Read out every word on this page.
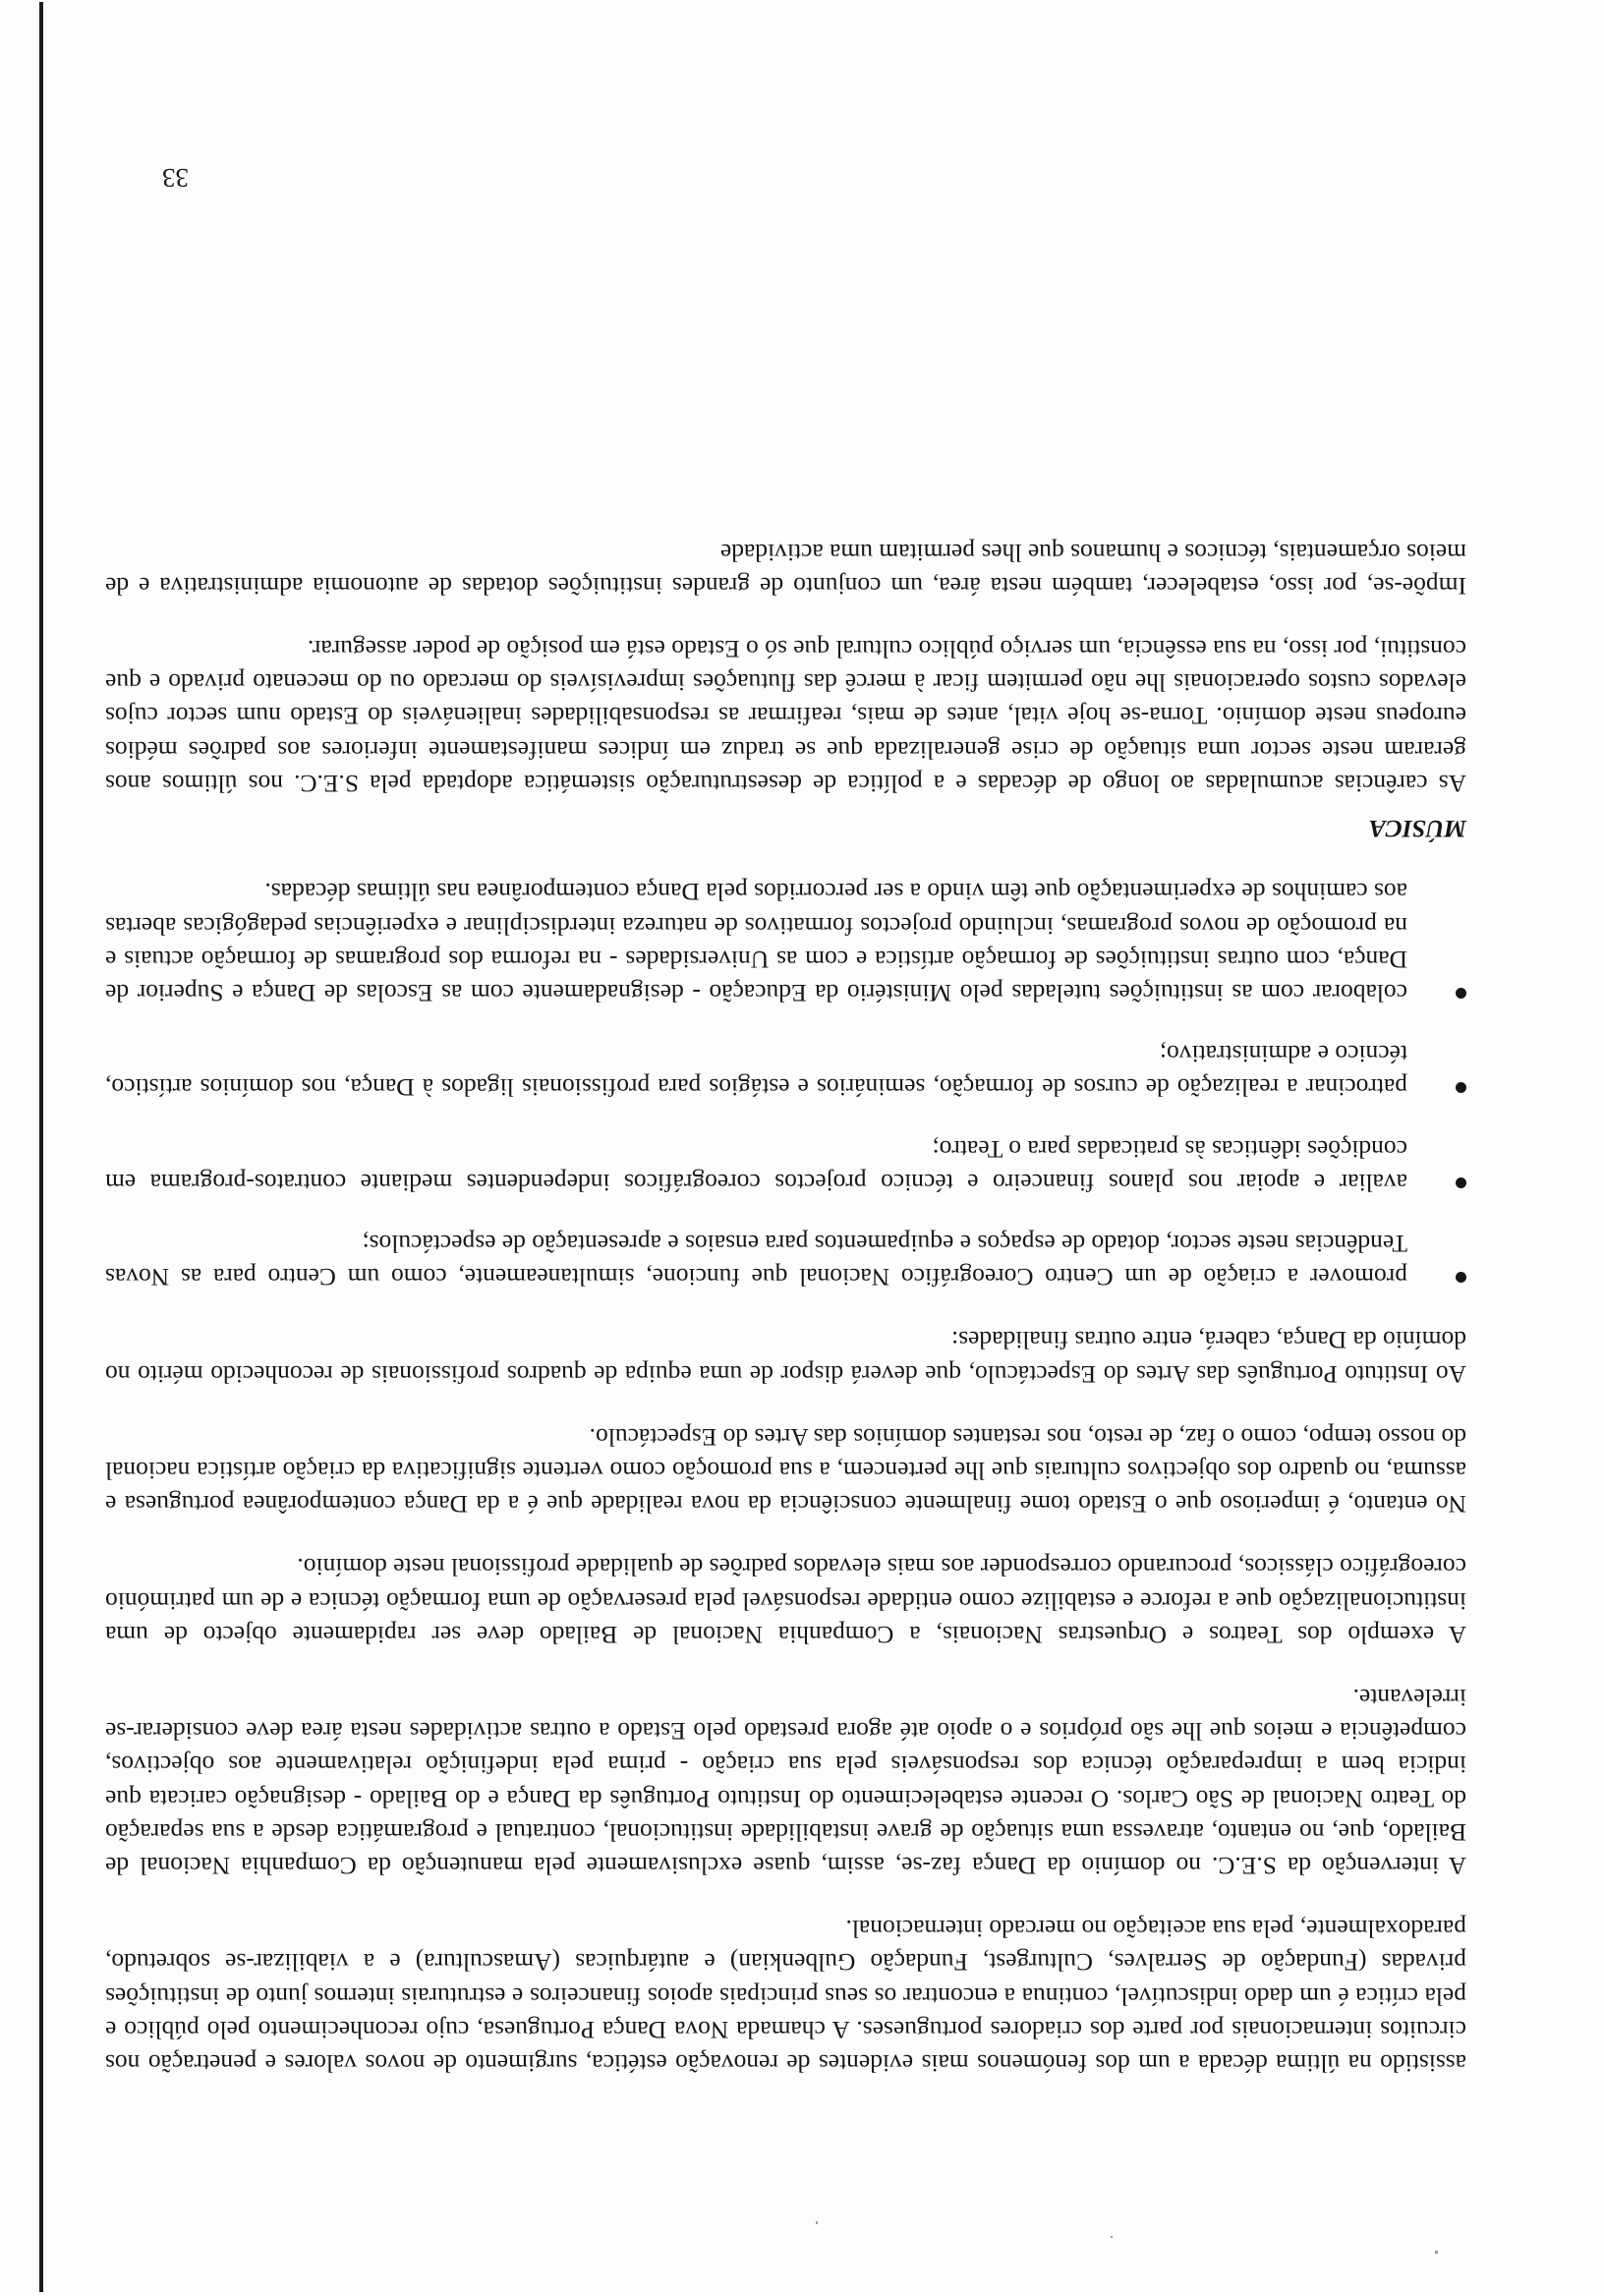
assistido na última década a um dos fenómenos mais evidentes de renovação estética, surgimento de novos valores e penetração nos circuitos internacionais por parte dos criadores portugueses. A chamada Nova Dança Portuguesa, cujo reconhecimento pelo público e pela crítica é um dado indiscutível, continua a encontrar os seus principais apoios financeiros e estruturais internos junto de instituições privadas (Fundação de Serralves, Culturgest, Fundação Gulbenkian) e autárquicas (Amascultura) e a viabilizar-se sobretudo, paradoxalmente, pela sua aceitação no mercado internacional.

A intervenção da S.E.C. no domínio da Dança faz-se, assim, quase exclusivamente pela manutenção da Companhia Nacional de Bailado, que, no entanto, atravessa uma situação de grave instabilidade institucional, contratual e programática desde a sua separação do Teatro Nacional de São Carlos. O recente estabelecimento do Instituto Português da Dança e do Bailado - designação caricata que indicia bem a impreparação técnica dos responsáveis pela sua criação - prima pela indefinição relativamente aos objectivos, competência e meios que lhe são próprios e o apoio até agora prestado pelo Estado a outras actividades nesta área deve considerar-se irrelevante.

A exemplo dos Teatros e Orquestras Nacionais, a Companhia Nacional de Bailado deve ser rapidamente objecto de uma institucionalização que a reforce e estabilize como entidade responsável pela preservação de uma formação técnica e de um património coreográfico clássicos, procurando corresponder aos mais elevados padrões de qualidade profissional neste domínio.

No entanto, é imperioso que o Estado tome finalmente consciência da nova realidade que é a da Dança contemporânea portuguesa e assuma, no quadro dos objectivos culturais que lhe pertencem, a sua promoção como vertente significativa da criação artística nacional do nosso tempo, como o faz, de resto, nos restantes domínios das Artes do Espectáculo.

Ao Instituto Português das Artes do Espectáculo, que deverá dispor de uma equipa de quadros profissionais de reconhecido mérito no domínio da Dança, caberá, entre outras finalidades:

promover a criação de um Centro Coreográfico Nacional que funcione, simultaneamente, como um Centro para as Novas Tendências neste sector, dotado de espaços e equipamentos para ensaios e apresentação de espectáculos;
avaliar e apoiar nos planos financeiro e técnico projectos coreográficos independentes mediante contratos-programa em condições idênticas às praticadas para o Teatro;
patrocinar a realização de cursos de formação, seminários e estágios para profissionais ligados à Dança, nos domínios artístico, técnico e administrativo;
colaborar com as instituições tuteladas pelo Ministério da Educação - designadamente com as Escolas de Dança e Superior de Dança, com outras instituições de formação artística e com as Universidades - na reforma dos programas de formação actuais e na promoção de novos programas, incluindo projectos formativos de natureza interdisciplinar e experiências pedagógicas abertas aos caminhos de experimentação que têm vindo a ser percorridos pela Dança contemporânea nas últimas décadas.
MÚSICA

As carências acumuladas ao longo de décadas e a política de desestruturação sistemática adoptada pela S.E.C. nos últimos anos geraram neste sector uma situação de crise generalizada que se traduz em índices manifestamente inferiores aos padrões médios europeus neste domínio. Torna-se hoje vital, antes de mais, reafirmar as responsabilidades inalienáveis do Estado num sector cujos elevados custos operacionais lhe não permitem ficar à mercê das flutuações imprevisíveis do mercado ou do mecenato privado e que constitui, por isso, na sua essência, um serviço público cultural que só o Estado está em posição de poder assegurar.

Impõe-se, por isso, estabelecer, também nesta área, um conjunto de grandes instituições dotadas de autonomia administrativa e de meios orçamentais, técnicos e humanos que lhes permitam uma actividade

33
